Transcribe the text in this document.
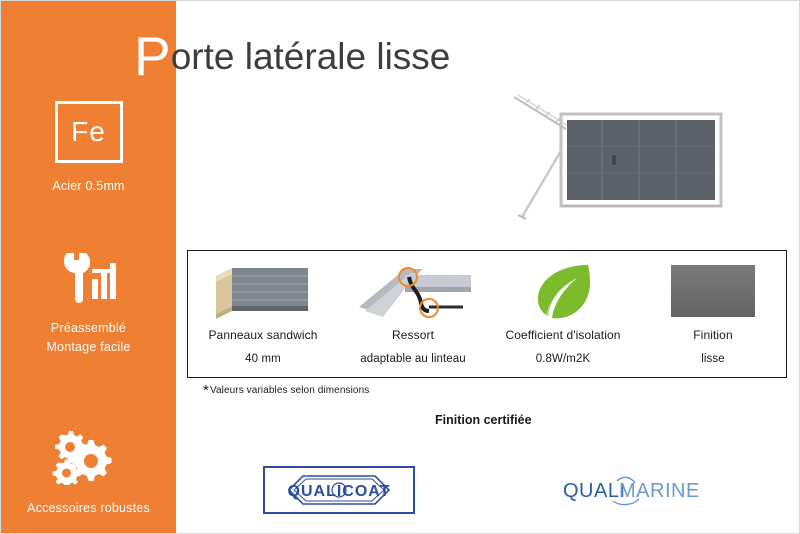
Fe
Acier 0.5mm
Préassemblé
Montage facile
Accessoires robustes
Porte latérale lisse
Panneaux sandwich
40 mm
Ressort
adaptable au linteau
Coefficient d'isolation
0.8W/m2K
Finition
lisse
*Valeurs variables selon dimensions
Finition certifiée
QUALICOAT	QUALI
MARINE
